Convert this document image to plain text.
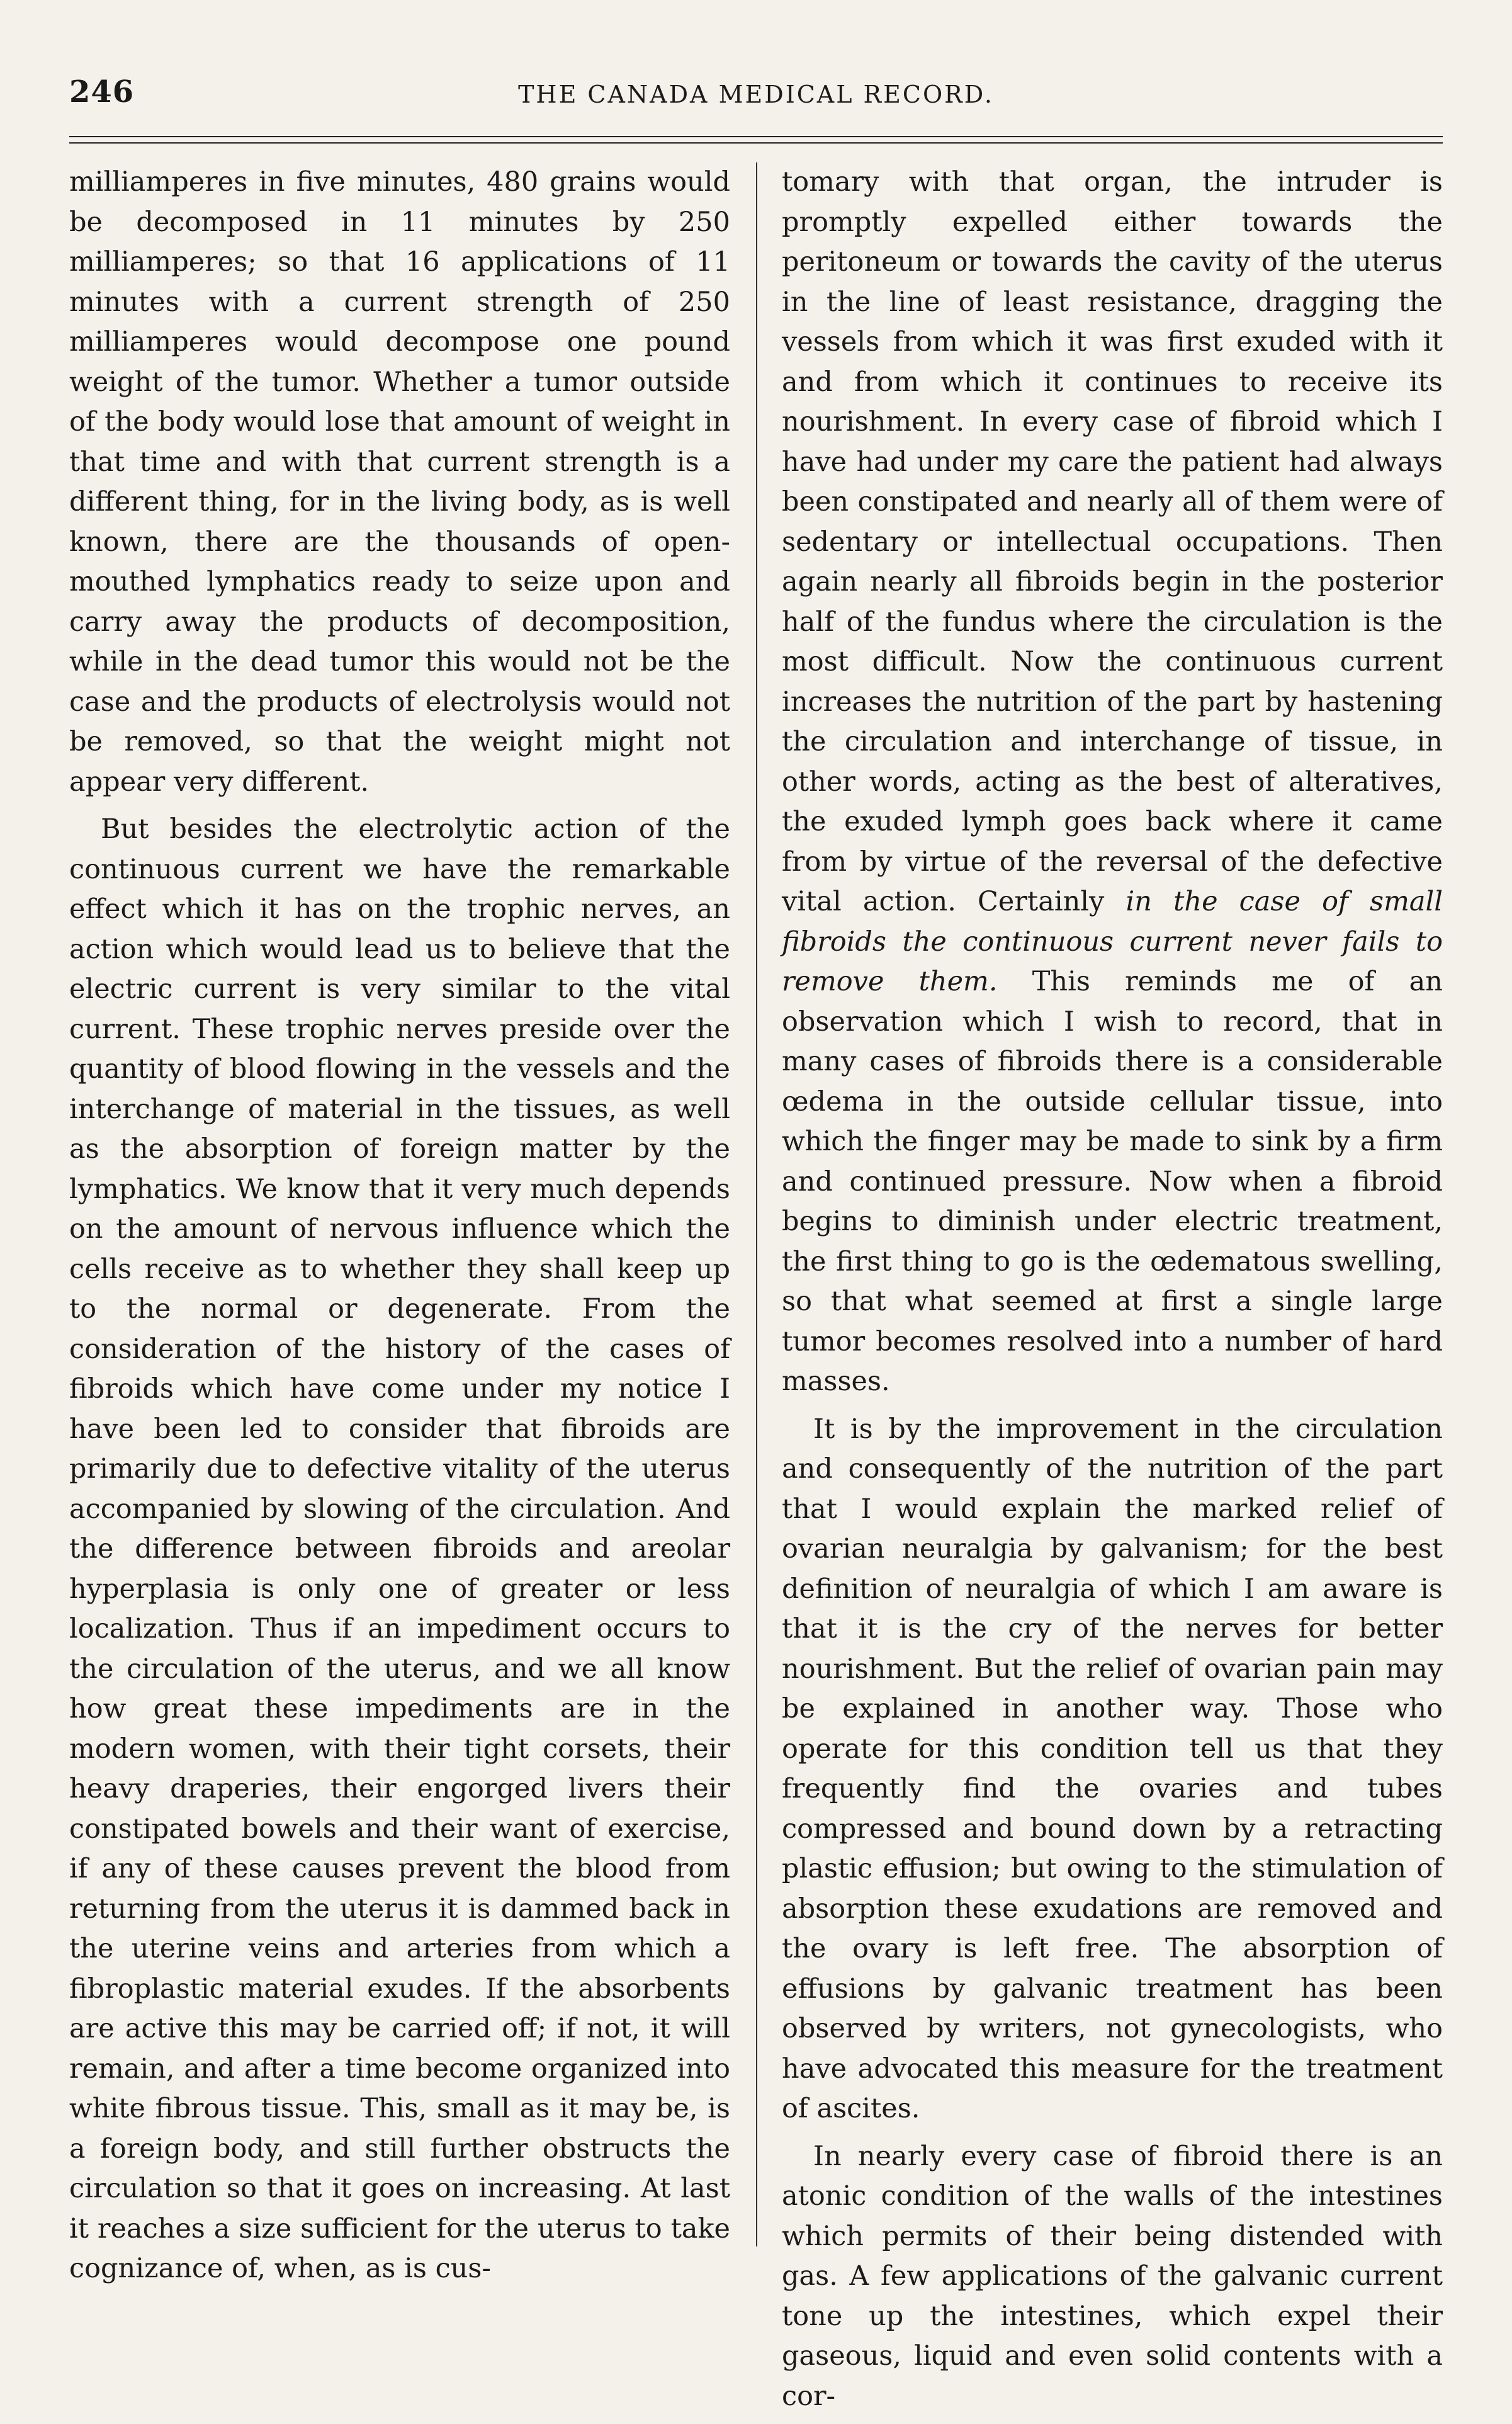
246	THE CANADA MEDICAL RECORD.

milliamperes in five minutes, 480 grains would be decomposed in 11 minutes by 250 milliamperes; so that 16 applications of 11 minutes with a current strength of 250 milliamperes would decompose one pound weight of the tumor. Whether a tumor outside of the body would lose that amount of weight in that time and with that current strength is a different thing, for in the living body, as is well known, there are the thousands of open-mouthed lymphatics ready to seize upon and carry away the products of decomposition, while in the dead tumor this would not be the case and the products of electrolysis would not be removed, so that the weight might not appear very different.

But besides the electrolytic action of the continuous current we have the remarkable effect which it has on the trophic nerves, an action which would lead us to believe that the electric current is very similar to the vital current. These trophic nerves preside over the quantity of blood flowing in the vessels and the interchange of material in the tissues, as well as the absorption of foreign matter by the lymphatics. We know that it very much depends on the amount of nervous influence which the cells receive as to whether they shall keep up to the normal or degenerate. From the consideration of the history of the cases of fibroids which have come under my notice I have been led to consider that fibroids are primarily due to defective vitality of the uterus accompanied by slowing of the circulation. And the difference between fibroids and areolar hyperplasia is only one of greater or less localization. Thus if an impediment occurs to the circulation of the uterus, and we all know how great these impediments are in the modern women, with their tight corsets, their heavy draperies, their engorged livers their constipated bowels and their want of exercise, if any of these causes prevent the blood from returning from the uterus it is dammed back in the uterine veins and arteries from which a fibroplastic material exudes. If the absorbents are active this may be carried off; if not, it will remain, and after a time become organized into white fibrous tissue. This, small as it may be, is a foreign body, and still further obstructs the circulation so that it goes on increasing. At last it reaches a size sufficient for the uterus to take cognizance of, when, as is cus-

tomary with that organ, the intruder is promptly expelled either towards the peritoneum or towards the cavity of the uterus in the line of least resistance, dragging the vessels from which it was first exuded with it and from which it continues to receive its nourishment. In every case of fibroid which I have had under my care the patient had always been constipated and nearly all of them were of sedentary or intellectual occupations. Then again nearly all fibroids begin in the posterior half of the fundus where the circulation is the most difficult. Now the continuous current increases the nutrition of the part by hastening the circulation and interchange of tissue, in other words, acting as the best of alteratives, the exuded lymph goes back where it came from by virtue of the reversal of the defective vital action. Certainly in the case of small fibroids the continuous current never fails to remove them. This reminds me of an observation which I wish to record, that in many cases of fibroids there is a considerable œdema in the outside cellular tissue, into which the finger may be made to sink by a firm and continued pressure. Now when a fibroid begins to diminish under electric treatment, the first thing to go is the œdematous swelling, so that what seemed at first a single large tumor becomes resolved into a number of hard masses.

It is by the improvement in the circulation and consequently of the nutrition of the part that I would explain the marked relief of ovarian neuralgia by galvanism; for the best definition of neuralgia of which I am aware is that it is the cry of the nerves for better nourishment. But the relief of ovarian pain may be explained in another way. Those who operate for this condition tell us that they frequently find the ovaries and tubes compressed and bound down by a retracting plastic effusion; but owing to the stimulation of absorption these exudations are removed and the ovary is left free. The absorption of effusions by galvanic treatment has been observed by writers, not gynecologists, who have advocated this measure for the treatment of ascites.

In nearly every case of fibroid there is an atonic condition of the walls of the intestines which permits of their being distended with gas. A few applications of the galvanic current tone up the intestines, which expel their gaseous, liquid and even solid contents with a cor-
